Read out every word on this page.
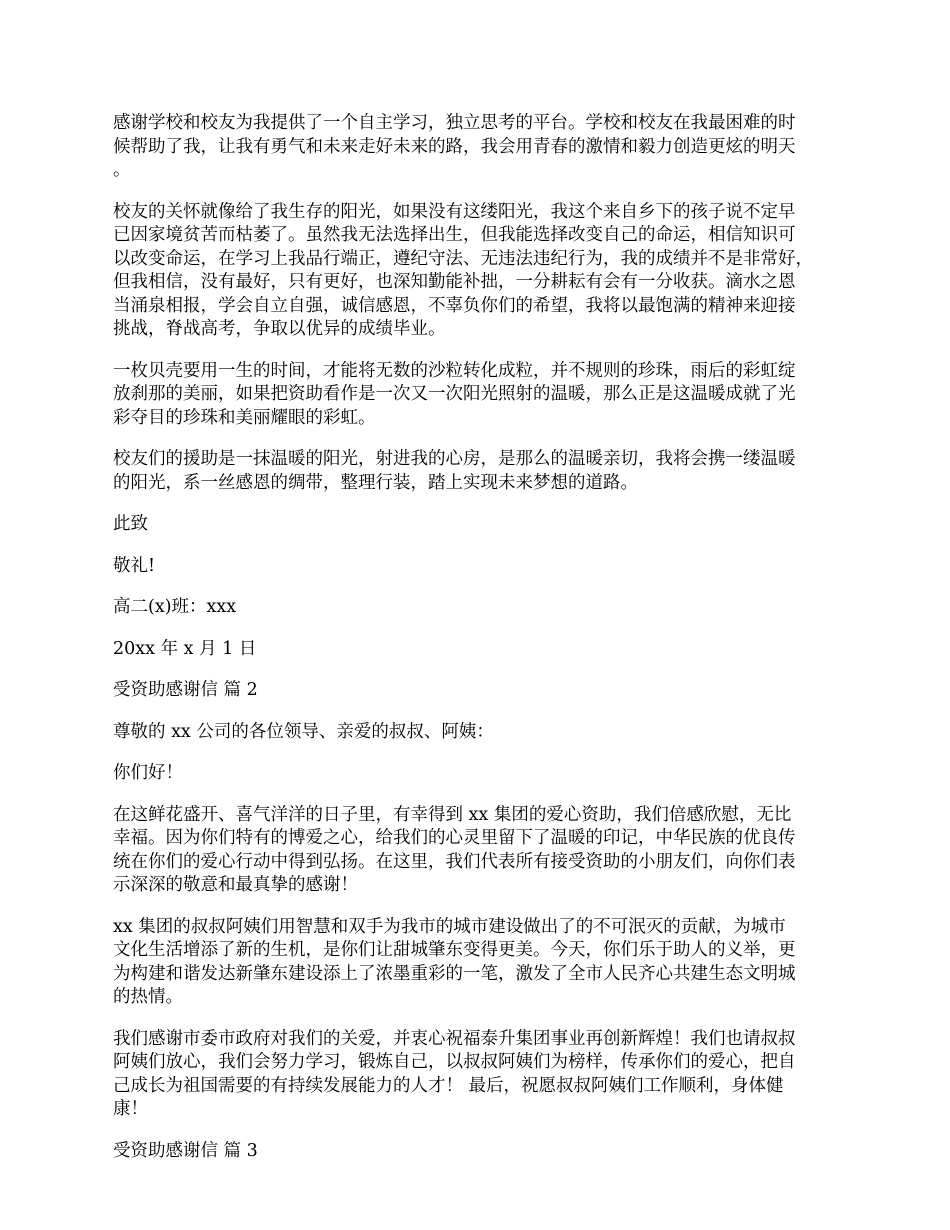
感谢学校和校友为我提供了一个自主学习，独立思考的平台。学校和校友在我最困难的时
候帮助了我，让我有勇气和未来走好未来的路，我会用青春的激情和毅力创造更炫的明天
。

校友的关怀就像给了我生存的阳光，如果没有这缕阳光，我这个来自乡下的孩子说不定早
已因家境贫苦而枯萎了。虽然我无法选择出生，但我能选择改变自己的命运，相信知识可
以改变命运，在学习上我品行端正，遵纪守法、无违法违纪行为，我的成绩并不是非常好，
但我相信，没有最好，只有更好，也深知勤能补拙，一分耕耘有会有一分收获。滴水之恩
当涌泉相报，学会自立自强，诚信感恩，不辜负你们的希望，我将以最饱满的精神来迎接
挑战，脊战高考，争取以优异的成绩毕业。

一枚贝壳要用一生的时间，才能将无数的沙粒转化成粒，并不规则的珍珠，雨后的彩虹绽
放刹那的美丽，如果把资助看作是一次又一次阳光照射的温暖，那么正是这温暖成就了光
彩夺目的珍珠和美丽耀眼的彩虹。

校友们的援助是一抹温暖的阳光，射进我的心房，是那么的温暖亲切，我将会携一缕温暖
的阳光，系一丝感恩的绸带，整理行装，踏上实现未来梦想的道路。

此致

敬礼!

高二(x)班：xxx

20xx 年 x 月 1 日

受资助感谢信 篇 2

尊敬的 xx 公司的各位领导、亲爱的叔叔、阿姨：

你们好！

在这鲜花盛开、喜气洋洋的日子里，有幸得到 xx 集团的爱心资助，我们倍感欣慰，无比
幸福。因为你们特有的博爱之心，给我们的心灵里留下了温暖的印记，中华民族的优良传
统在你们的爱心行动中得到弘扬。在这里，我们代表所有接受资助的小朋友们，向你们表
示深深的敬意和最真挚的感谢！

xx 集团的叔叔阿姨们用智慧和双手为我市的城市建设做出了的不可泯灭的贡献，为城市
文化生活增添了新的生机，是你们让甜城肇东变得更美。今天，你们乐于助人的义举，更
为构建和谐发达新肇东建设添上了浓墨重彩的一笔，激发了全市人民齐心共建生态文明城
的热情。

我们感谢市委市政府对我们的关爱，并衷心祝福泰升集团事业再创新辉煌！我们也请叔叔
阿姨们放心，我们会努力学习，锻炼自己，以叔叔阿姨们为榜样，传承你们的爱心，把自
己成长为祖国需要的有持续发展能力的人才！ 最后，祝愿叔叔阿姨们工作顺利，身体健
康！

受资助感谢信 篇 3
